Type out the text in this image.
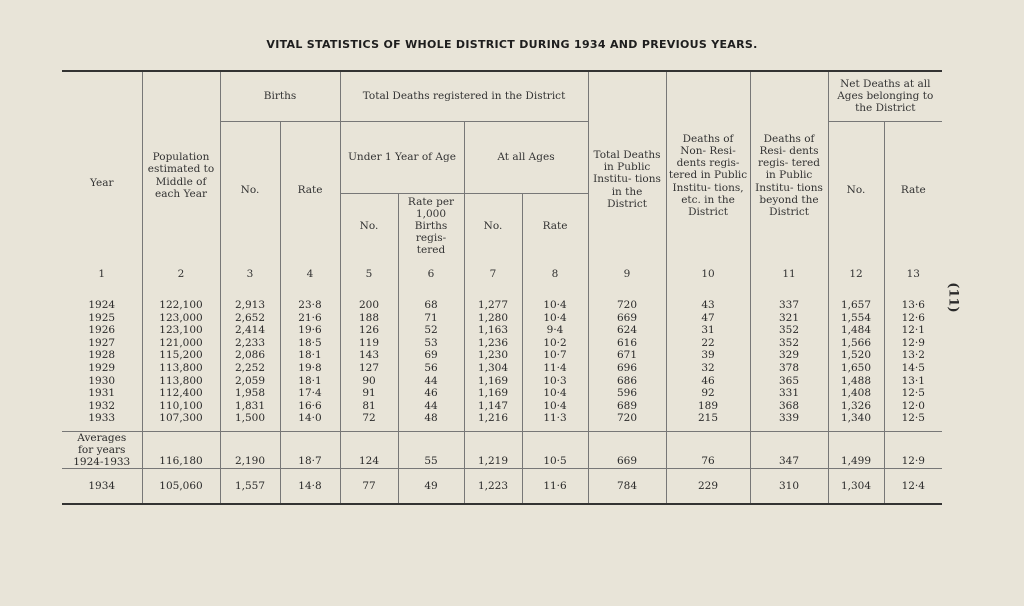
VITAL STATISTICS OF WHOLE DISTRICT DURING 1934 AND PREVIOUS YEARS.
(11)
Year	Population estimated to Middle of each Year	Births		Total Deaths registered in the District				Total Deaths in Public Institu- tions in the District	Deaths of Non- Resi- dents regis- tered in Public Institu- tions, etc. in the District	Deaths of Resi- dents regis- tered in Public Institu- tions beyond the District	Net Deaths at all Ages belonging to the District	
		No.	Rate	Under 1 Year of Age		At all Ages					No.	Rate
				No.	Rate per 1,000 Births regis- tered	No.	Rate					

1	2	3	4	5	6	7	8	9	10	11	12	13
1924	122,100	2,913	23·8	200	68	1,277	10·4	720	43	337	1,657	13·6
1925	123,000	2,652	21·6	188	71	1,280	10·4	669	47	321	1,554	12·6
1926	123,100	2,414	19·6	126	52	1,163	9·4	624	31	352	1,484	12·1
1927	121,000	2,233	18·5	119	53	1,236	10·2	616	22	352	1,566	12·9
1928	115,200	2,086	18·1	143	69	1,230	10·7	671	39	329	1,520	13·2
1929	113,800	2,252	19·8	127	56	1,304	11·4	696	32	378	1,650	14·5
1930	113,800	2,059	18·1	90	44	1,169	10·3	686	46	365	1,488	13·1
1931	112,400	1,958	17·4	91	46	1,169	10·4	596	92	331	1,408	12·5
1932	110,100	1,831	16·6	81	44	1,147	10·4	689	189	368	1,326	12·0
1933	107,300	1,500	14·0	72	48	1,216	11·3	720	215	339	1,340	12·5
Averages
for years
1924-1933	116,180	2,190	18·7	124	55	1,219	10·5	669	76	347	1,499	12·9
1934	105,060	1,557	14·8	77	49	1,223	11·6	784	229	310	1,304	12·4
